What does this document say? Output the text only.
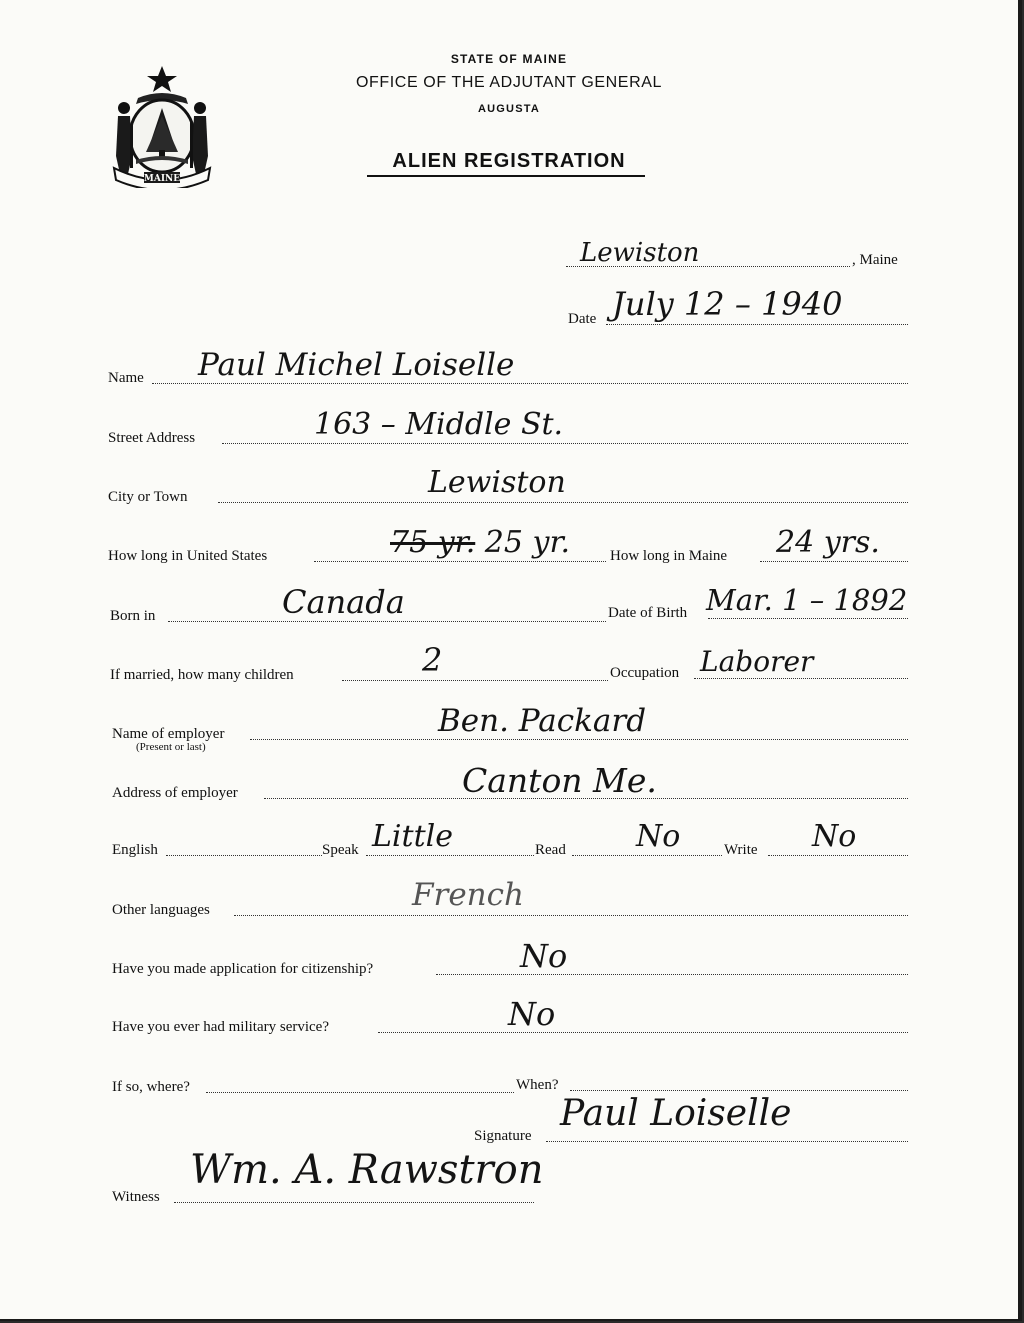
MAINE
STATE OF MAINE
OFFICE OF THE ADJUTANT GENERAL
AUGUSTA
ALIEN REGISTRATION
Lewiston	, Maine
Date July 12 – 1940
Name Paul Michel Loiselle
Street Address	163 – Middle St.
City or Town	Lewiston
How long in United States	75 yr. 25 yr.	How long in Maine 24 yrs.
Born in	Canada	Date of Birth Mar. 1 – 1892
If married, how many children	2	Occupation Laborer
Name of employer
(Present or last)
Ben. Packard
Address of employer	Canton Me.
English	Speak Little	Read No	Write No
Other languages	French
Have you made application for citizenship?	No
Have you ever had military service?	No
If so, where?	When?
Signature
Paul Loiselle
Witness
Wm. A. Rawstron
